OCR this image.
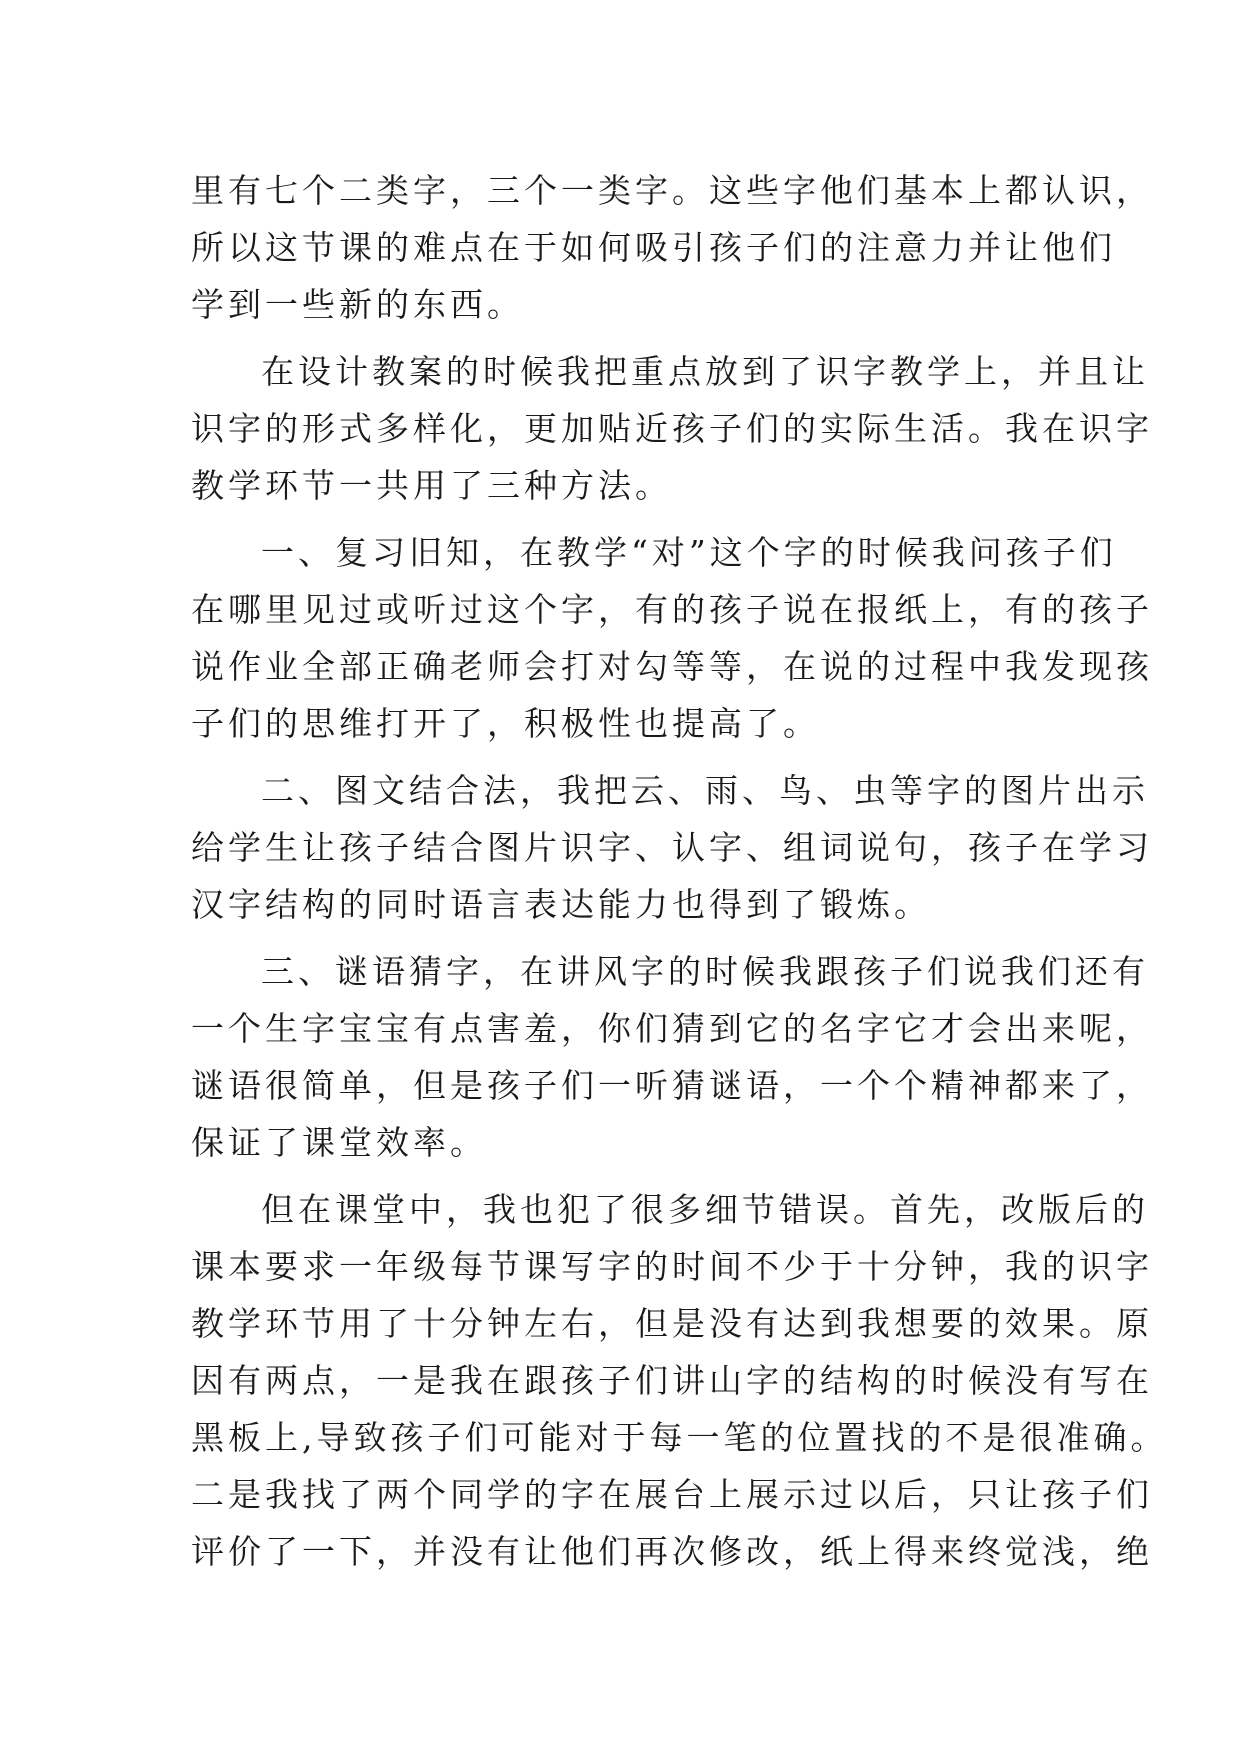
里有七个二类字，三个一类字。这些字他们基本上都认识，
所以这节课的难点在于如何吸引孩子们的注意力并让他们
学到一些新的东西。
在设计教案的时候我把重点放到了识字教学上，并且让
识字的形式多样化，更加贴近孩子们的实际生活。我在识字
教学环节一共用了三种方法。
一、复习旧知，在教学“对”这个字的时候我问孩子们
在哪里见过或听过这个字，有的孩子说在报纸上，有的孩子
说作业全部正确老师会打对勾等等，在说的过程中我发现孩
子们的思维打开了，积极性也提高了。
二、图文结合法，我把云、雨、鸟、虫等字的图片出示
给学生让孩子结合图片识字、认字、组词说句，孩子在学习
汉字结构的同时语言表达能力也得到了锻炼。
三、谜语猜字，在讲风字的时候我跟孩子们说我们还有
一个生字宝宝有点害羞，你们猜到它的名字它才会出来呢，
谜语很简单，但是孩子们一听猜谜语，一个个精神都来了，
保证了课堂效率。
但在课堂中，我也犯了很多细节错误。首先，改版后的
课本要求一年级每节课写字的时间不少于十分钟，我的识字
教学环节用了十分钟左右，但是没有达到我想要的效果。原
因有两点，一是我在跟孩子们讲山字的结构的时候没有写在
黑板上,导致孩子们可能对于每一笔的位置找的不是很准确。
二是我找了两个同学的字在展台上展示过以后，只让孩子们
评价了一下，并没有让他们再次修改，纸上得来终觉浅，绝
